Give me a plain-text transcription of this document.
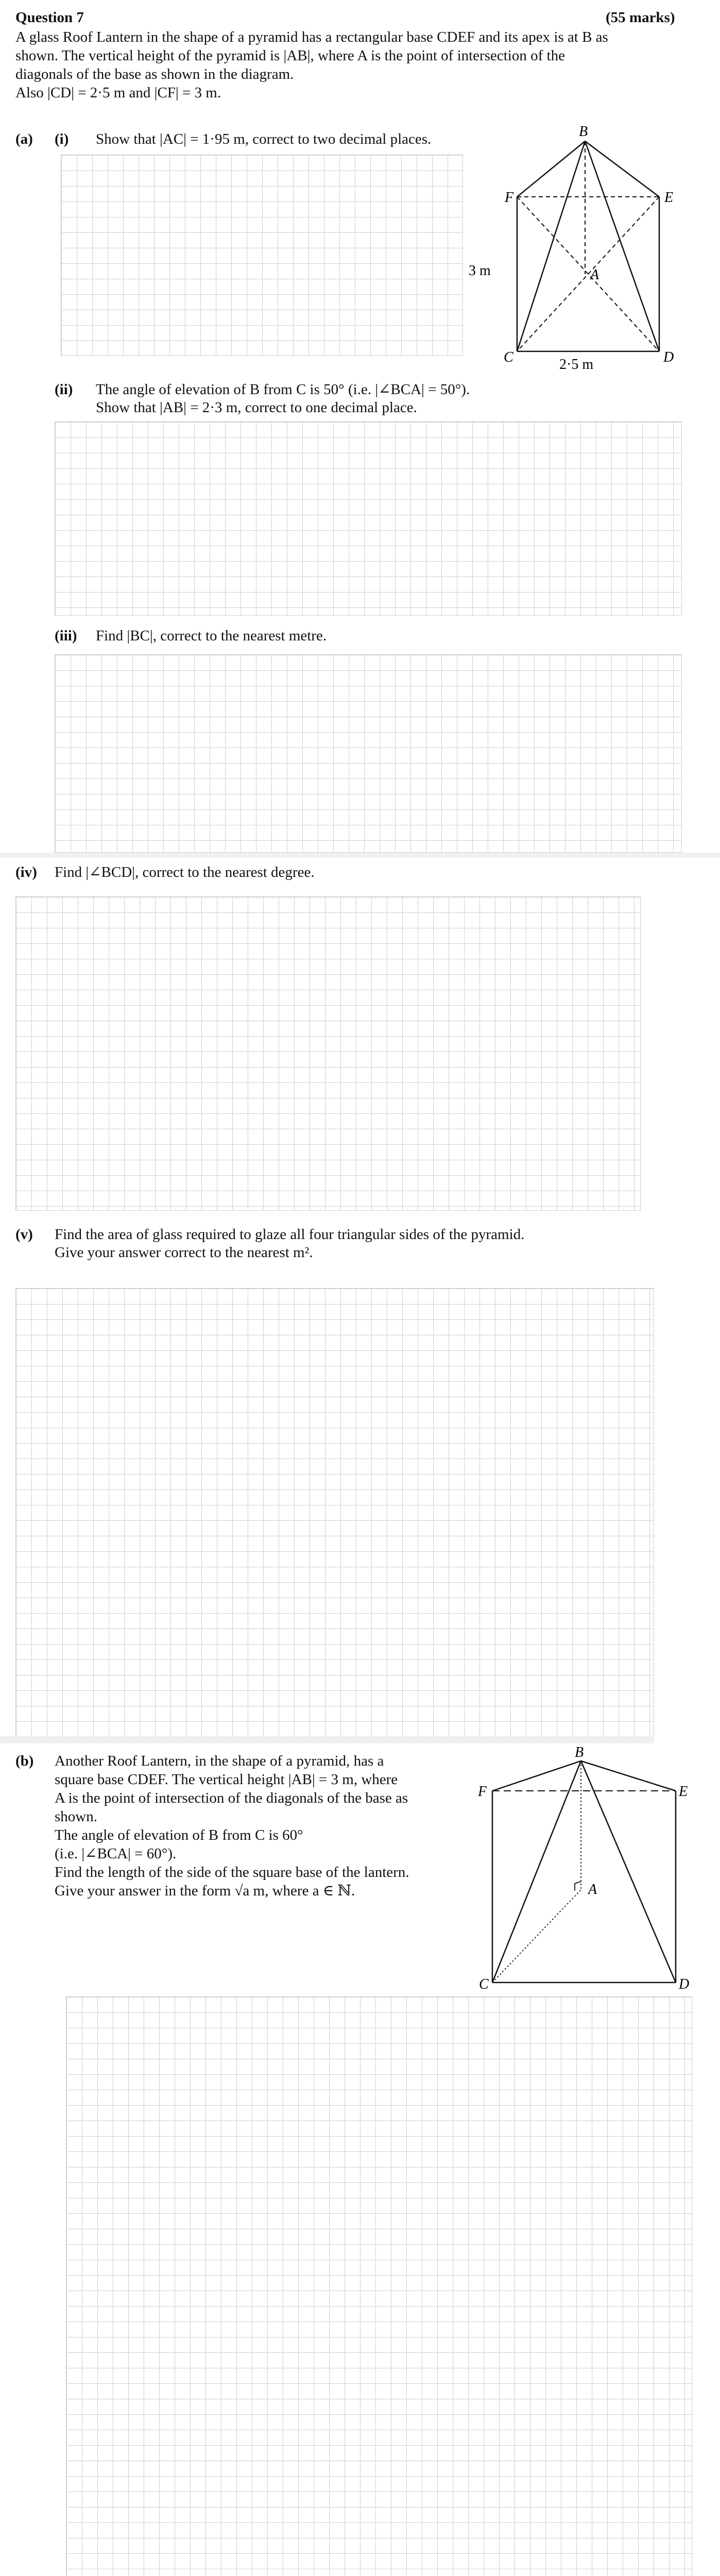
Question 7	(55 marks)
A glass Roof Lantern in the shape of a pyramid has a rectangular base CDEF and its apex is at B as
shown. The vertical height of the pyramid is |AB|, where A is the point of intersection of the
diagonals of the base as shown in the diagram.
Also |CD| = 2·5 m and |CF| = 3 m.
(a) (i) Show that |AC| = 1·95 m, correct to two decimal places.	B
F	E
A
C	D
3 m
2·5 m
(ii) The angle of elevation of B from C is 50° (i.e. |∠BCA| = 50°).
Show that |AB| = 2·3 m, correct to one decimal place.
(iii) Find |BC|, correct to the nearest metre.
(iv) Find |∠BCD|, correct to the nearest degree.
(v) Find the area of glass required to glaze all four triangular sides of the pyramid.
Give your answer correct to the nearest m².
(b) Another Roof Lantern, in the shape of a pyramid, has a
square base CDEF. The vertical height |AB| = 3 m, where
A is the point of intersection of the diagonals of the base as
shown.
The angle of elevation of B from C is 60°
(i.e. |∠BCA| = 60°).
Find the length of the side of the square base of the lantern.
Give your answer in the form √a m, where a ∈ ℕ.
B
F	E
A
C	D
